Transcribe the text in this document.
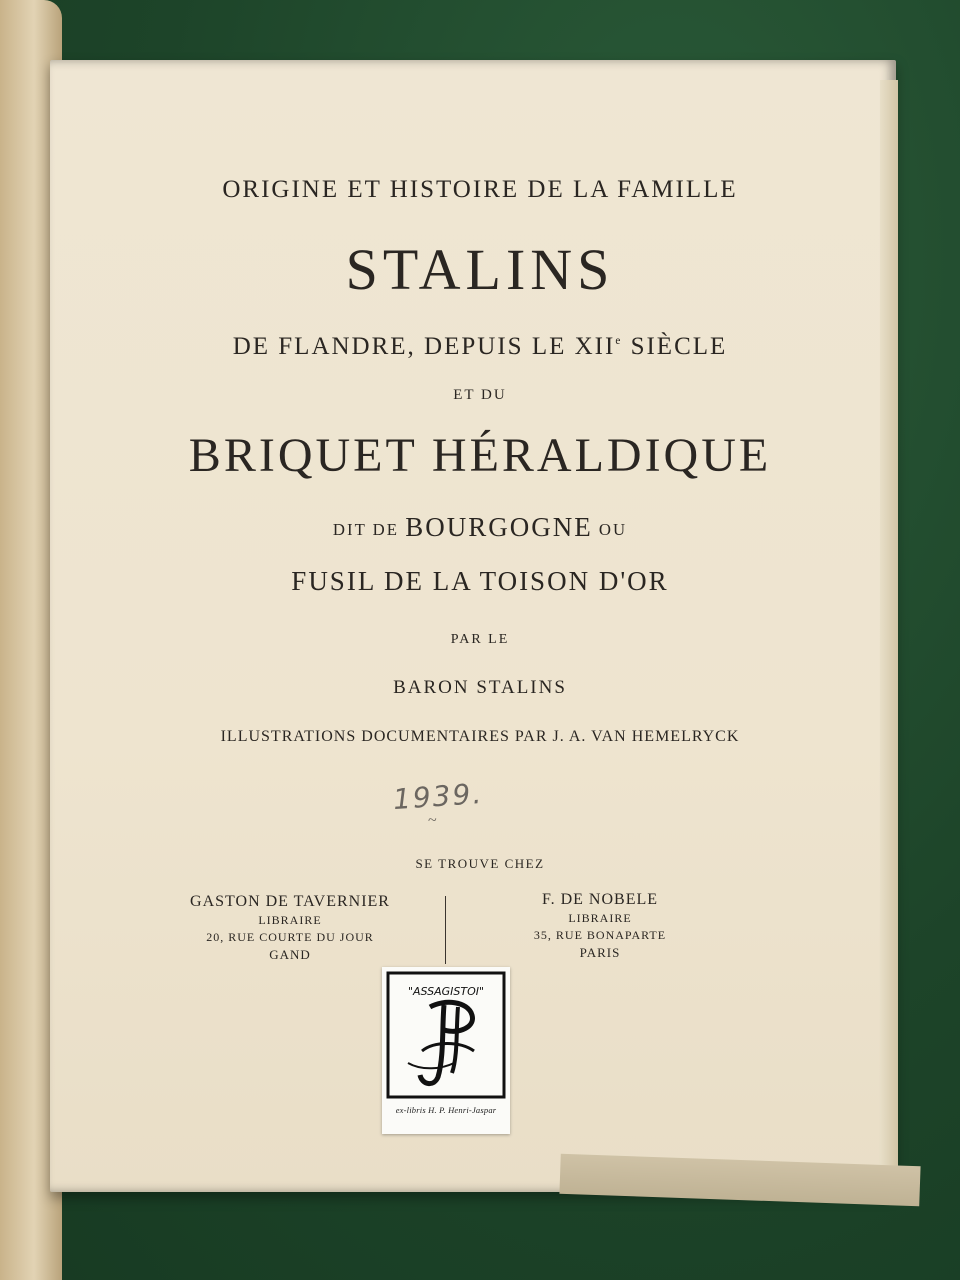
ORIGINE ET HISTOIRE DE LA FAMILLE
STALINS
DE FLANDRE, DEPUIS LE XIIe SIÈCLE
ET DU
BRIQUET HÉRALDIQUE
DIT DE BOURGOGNE OU
FUSIL DE LA TOISON D'OR
PAR LE
BARON STALINS
ILLUSTRATIONS DOCUMENTAIRES PAR J. A. VAN HEMELRYCK
1939.
~
SE TROUVE CHEZ
GASTON DE TAVERNIER
LIBRAIRE
20, RUE COURTE DU JOUR
GAND
F. DE NOBELE
LIBRAIRE
35, RUE BONAPARTE
PARIS
"ASSAGISTOI"
ex-libris H. P. Henri-Jaspar
